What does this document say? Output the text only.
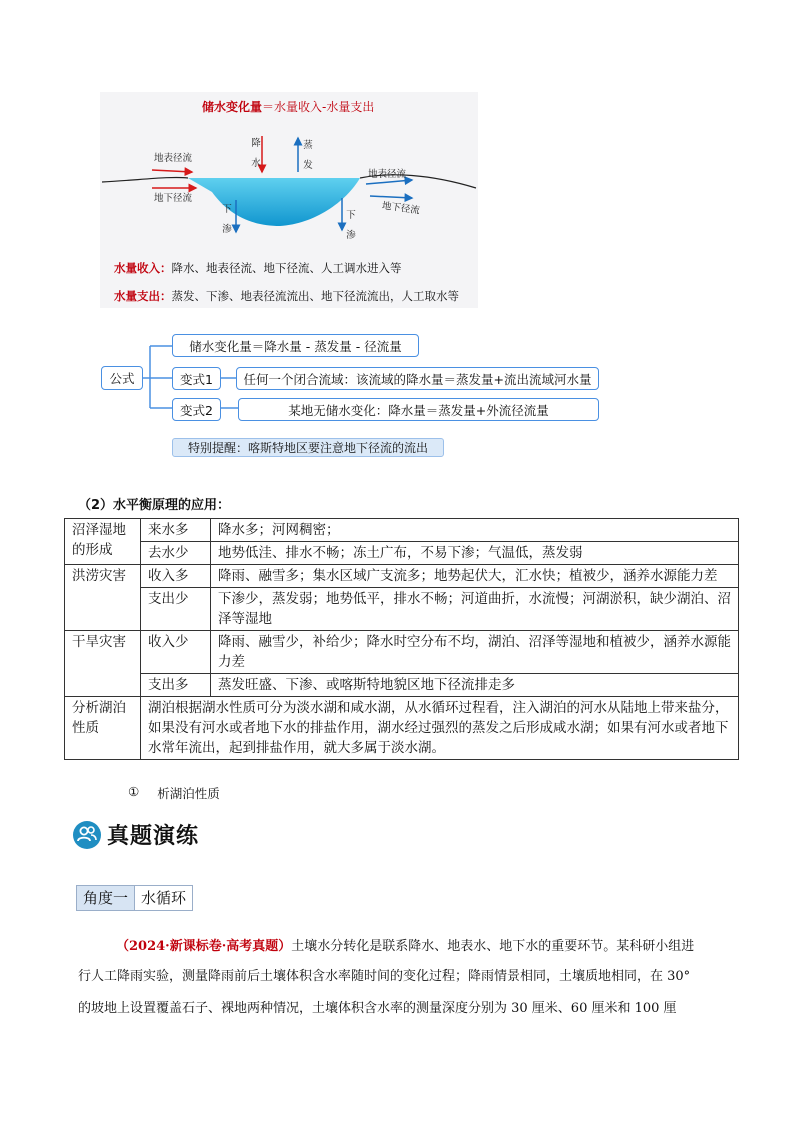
储水变化量＝水量收入-水量支出
地表径流
地下径流
地表径流
地下径流
降水
蒸发
下渗
下渗
水量收入：降水、地表径流、地下径流、人工调水进入等
水量支出：蒸发、下渗、地表径流流出、地下径流流出，人工取水等
公式
储水变化量＝降水量 - 蒸发量 - 径流量
变式1	任何一个闭合流域：该流域的降水量＝蒸发量+流出流域河水量
变式2	某地无储水变化：降水量＝蒸发量+外流径流量
特别提醒：喀斯特地区要注意地下径流的流出
（2）水平衡原理的应用：
沼泽湿地的形成	来水多	降水多；河网稠密；
	去水少	地势低洼、排水不畅；冻土广布，不易下渗；气温低，蒸发弱
洪涝灾害	收入多	降雨、融雪多；集水区域广支流多；地势起伏大，汇水快；植被少，涵养水源能力差
	支出少	下渗少，蒸发弱；地势低平，排水不畅；河道曲折，水流慢；河湖淤积，缺少湖泊、沼泽等湿地
干旱灾害	收入少	降雨、融雪少，补给少；降水时空分布不均，湖泊、沼泽等湿地和植被少，涵养水源能力差
	支出多	蒸发旺盛、下渗、或喀斯特地貌区地下径流排走多
分析湖泊性质	湖泊根据湖水性质可分为淡水湖和咸水湖，从水循环过程看，注入湖泊的河水从陆地上带来盐分，如果没有河水或者地下水的排盐作用，湖水经过强烈的蒸发之后形成咸水湖；如果有河水或者地下水常年流出，起到排盐作用，就大多属于淡水湖。	
① 析湖泊性质
真题演练
角度一 水循环
（2024·新课标卷·高考真题）土壤水分转化是联系降水、地表水、地下水的重要环节。某科研小组进
行人工降雨实验，测量降雨前后土壤体积含水率随时间的变化过程；降雨情景相同，土壤质地相同，在 30°
的坡地上设置覆盖石子、裸地两种情况，土壤体积含水率的测量深度分别为 30 厘米、60 厘米和 100 厘
